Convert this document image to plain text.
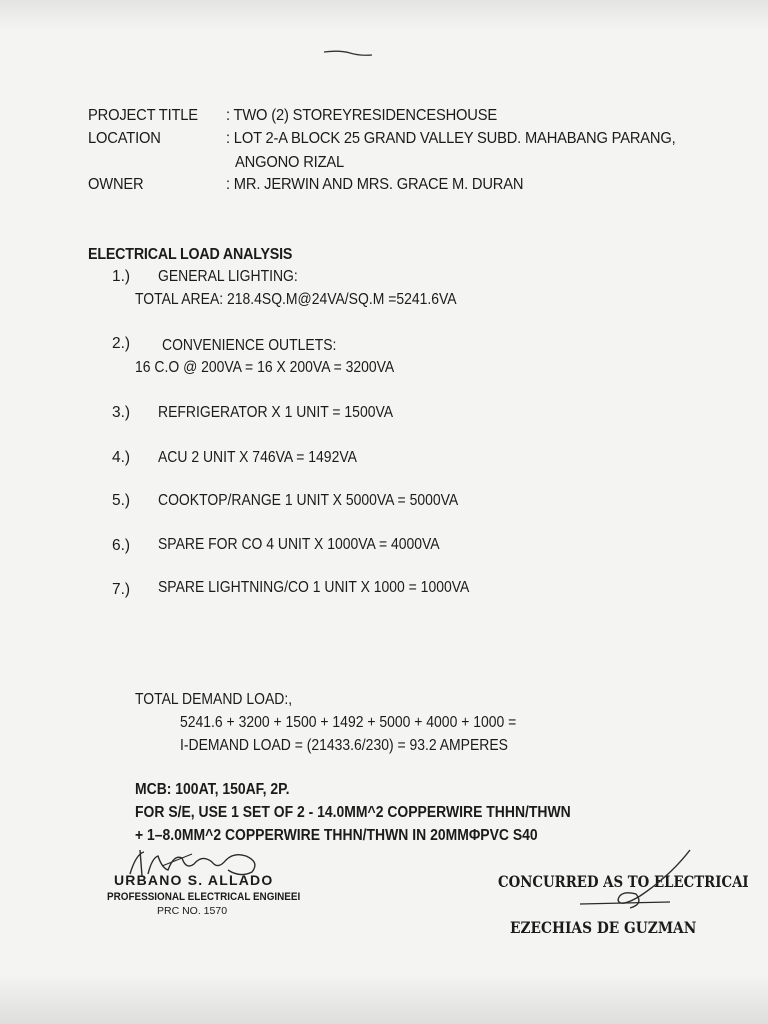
PROJECT TITLE : TWO (2) STOREYRESIDENCESHOUSE
LOCATION	: LOT 2-A BLOCK 25 GRAND VALLEY SUBD. MAHABANG PARANG,
ANGONO RIZAL
OWNER	: MR. JERWIN AND MRS. GRACE M. DURAN
ELECTRICAL LOAD ANALYSIS
1.) GENERAL LIGHTING:
TOTAL AREA: 218.4SQ.M@24VA/SQ.M =5241.6VA
2.) CONVENIENCE OUTLETS:
16 C.O @ 200VA = 16 X 200VA = 3200VA
3.) REFRIGERATOR X 1 UNIT = 1500VA
4.) ACU 2 UNIT X 746VA = 1492VA
5.) COOKTOP/RANGE 1 UNIT X 5000VA = 5000VA
6.) SPARE FOR CO 4 UNIT X 1000VA = 4000VA
7.) SPARE LIGHTNING/CO 1 UNIT X 1000 = 1000VA
TOTAL DEMAND LOAD:,
5241.6 + 3200 + 1500 + 1492 + 5000 + 4000 + 1000 =
I-DEMAND LOAD = (21433.6/230) = 93.2 AMPERES
MCB: 100AT, 150AF, 2P.
FOR S/E, USE 1 SET OF 2 - 14.0MM^2 COPPERWIRE THHN/THWN
+ 1–8.0MM^2 COPPERWIRE THHN/THWN IN 20MMΦPVC S40
URBANO S. ALLADO
PROFESSIONAL ELECTRICAL ENGINEEI
PRC NO. 1570
CONCURRED AS TO ELECTRICAI
EZECHIAS DE GUZMAN
